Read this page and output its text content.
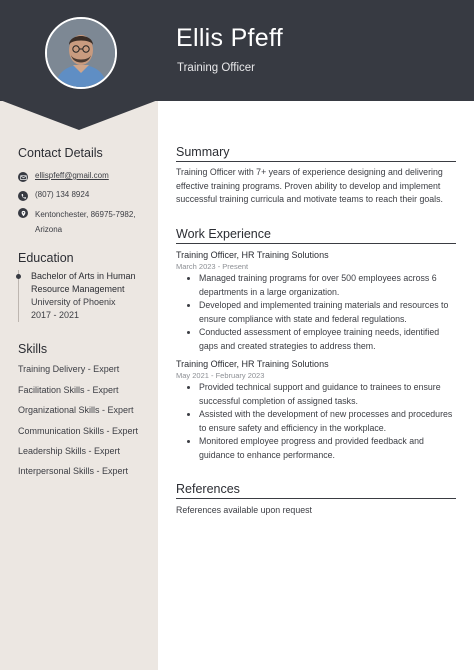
Ellis Pfeff
Training Officer
Contact Details
ellispfeff@gmail.com
(807) 134 8924
Kentonchester, 86975-7982,
Arizona
Education
Bachelor of Arts in Human
Resource Management
University of Phoenix
2017 - 2021
Skills
Training Delivery - Expert
Facilitation Skills - Expert
Organizational Skills - Expert
Communication Skills - Expert
Leadership Skills - Expert
Interpersonal Skills - Expert
Summary
Training Officer with 7+ years of experience designing and delivering
effective training programs. Proven ability to develop and implement
successful training curricula and motivate teams to reach their goals.
Work Experience
Training Officer, HR Training Solutions
March 2023 - Present
• Managed training programs for over 500 employees across 6
departments in a large organization.
• Developed and implemented training materials and resources to
ensure compliance with state and federal regulations.
• Conducted assessment of employee training needs, identified
gaps and created strategies to address them.
Training Officer, HR Training Solutions
May 2021 - February 2023
• Provided technical support and guidance to trainees to ensure
successful completion of assigned tasks.
• Assisted with the development of new processes and procedures
to ensure safety and efficiency in the workplace.
• Monitored employee progress and provided feedback and
guidance to enhance performance.
References
References available upon request
